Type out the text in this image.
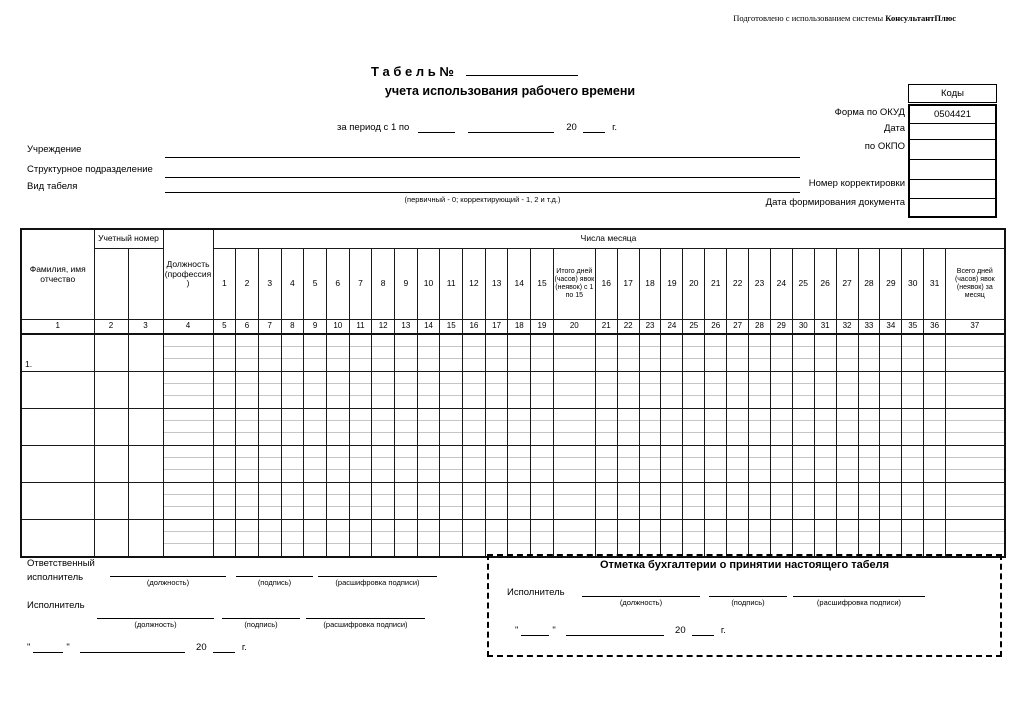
Подготовлено с использованием системы КонсультантПлюс
Т а б е л ь №
учета использования рабочего времени
за период с 1 по	20	г.
Учреждение
Структурное подразделение
Вид табеля
(первичный - 0; корректирующий - 1, 2 и т.д.)
Форма по ОКУД
Дата
по ОКПО
Номер корректировки
Дата формирования документа
Коды
0504421
Фамилия, имя отчество	Учетный номер		Должность (профессия )	Числа месяца																																
				1	2	3	4	5	6	7	8	9	10	11	12	13	14	15	Итого дней (часов) явок (неявок) с 1 по 15	16	17	18	19	20	21	22	23	24	25	26	27	28	29	30	31	Всего дней (часов) явок (неявок) за месяц
1	2	3	4	5	6	7	8	9	10	11	12	13	14	15	16	17	18	19	20	21	22	23	24	25	26	27	28	29	30	31	32	33	34	35	36	37
1.																																				

Ответственный
исполнитель	(должность)	(подпись)	(расшифровка подписи)
Исполнитель
(должность)	(подпись)	(расшифровка подписи)
"	"	20	г.
Отметка бухгалтерии о принятии настоящего табеля
Исполнитель
(должность)	(подпись)	(расшифровка подписи)
"	"	20	г.
